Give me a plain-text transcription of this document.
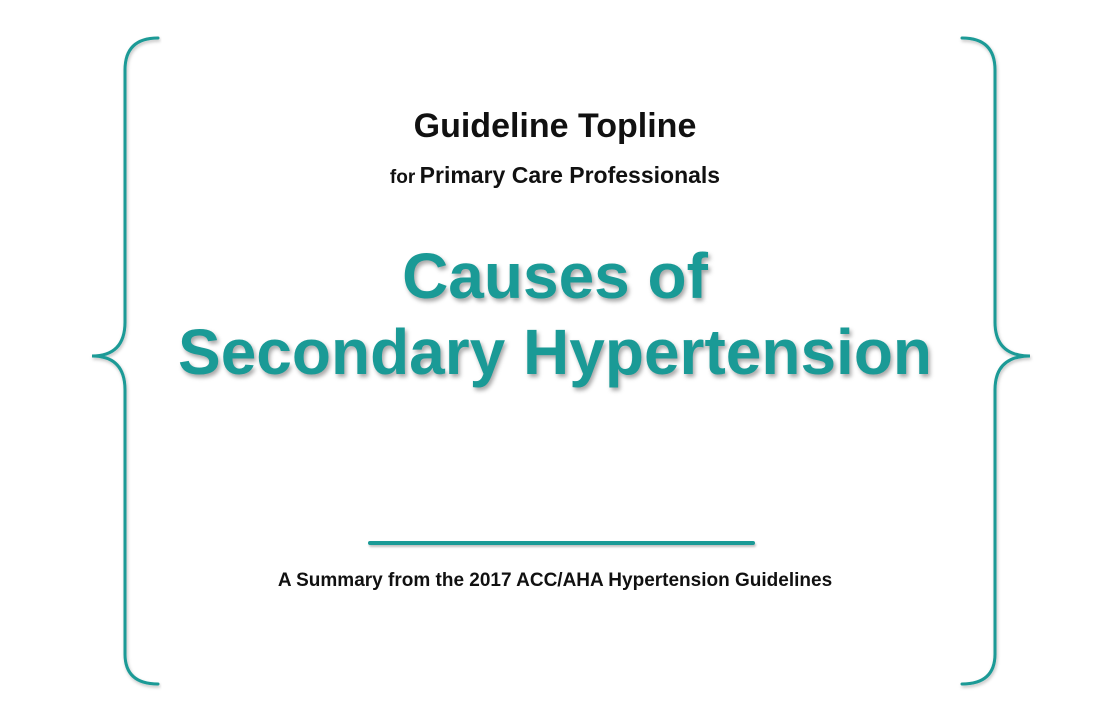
Guideline Topline
for Primary Care Professionals
Causes of
Secondary Hypertension
A Summary from the 2017 ACC/AHA Hypertension Guidelines
